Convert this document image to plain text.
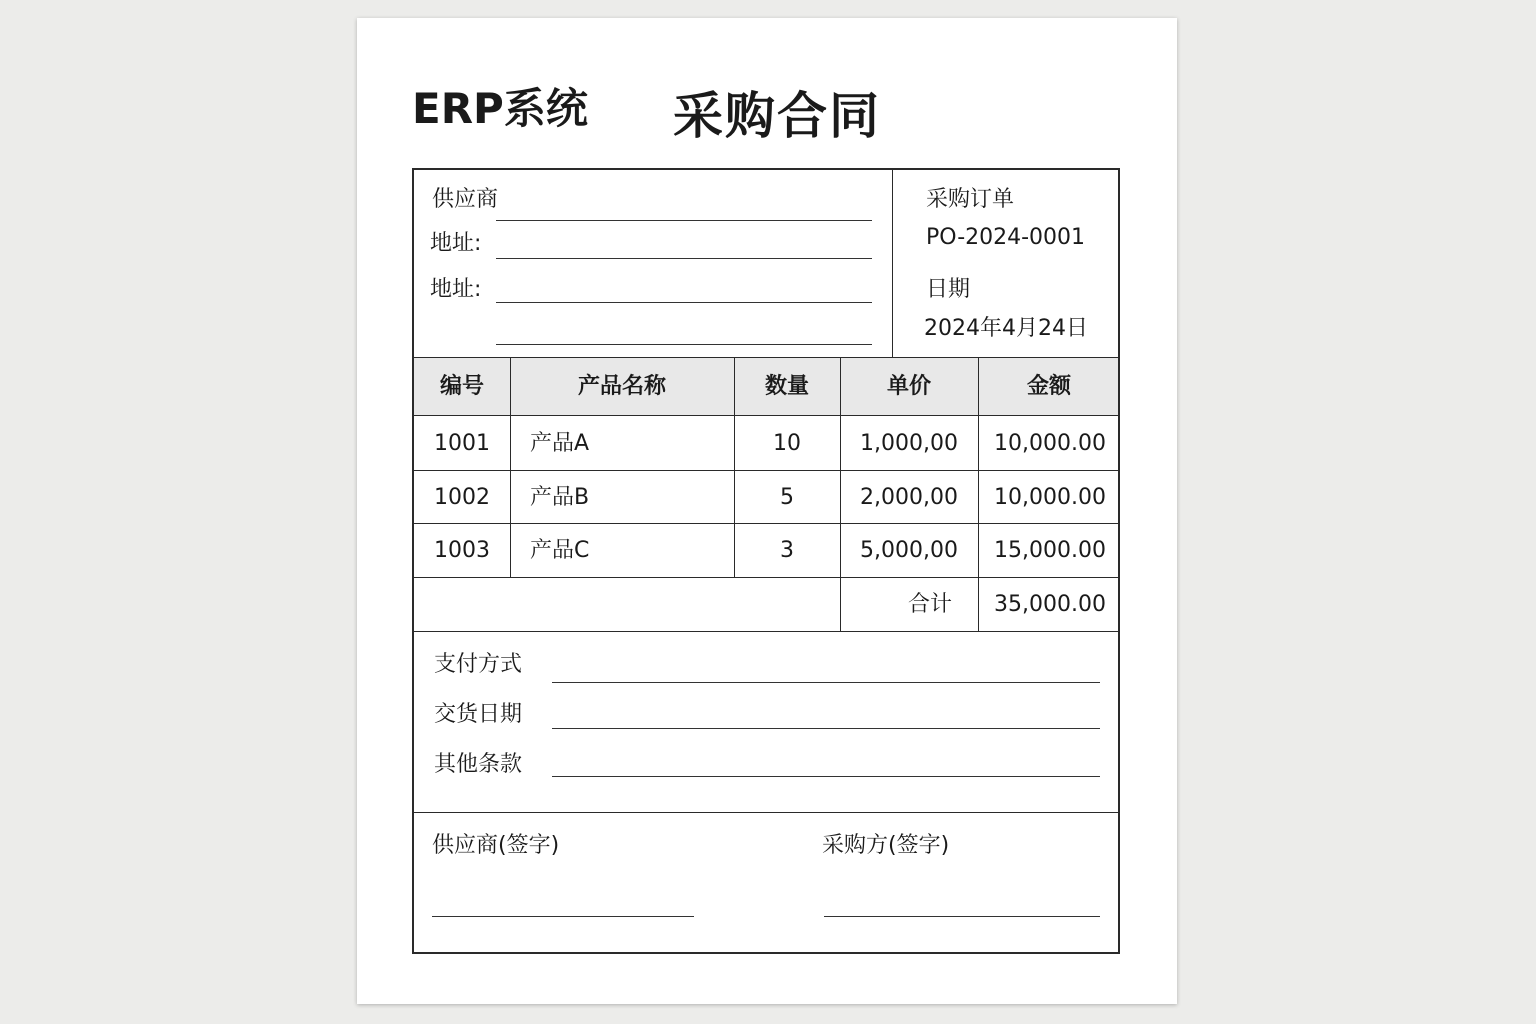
ERP系统 采购合同
供应商
地址:
地址:
采购订单
PO-2024-0001
日期
2024年4月24日
编号	产品名称	数量	单价	金额
1001	产品A	10	1,000,00	10,000.00
1002	产品B	5	2,000,00	10,000.00
1003	产品C	3	5,000,00	15,000.00
合计	35,000.00
支付方式
交货日期
其他条款
供应商(签字)	采购方(签字)
